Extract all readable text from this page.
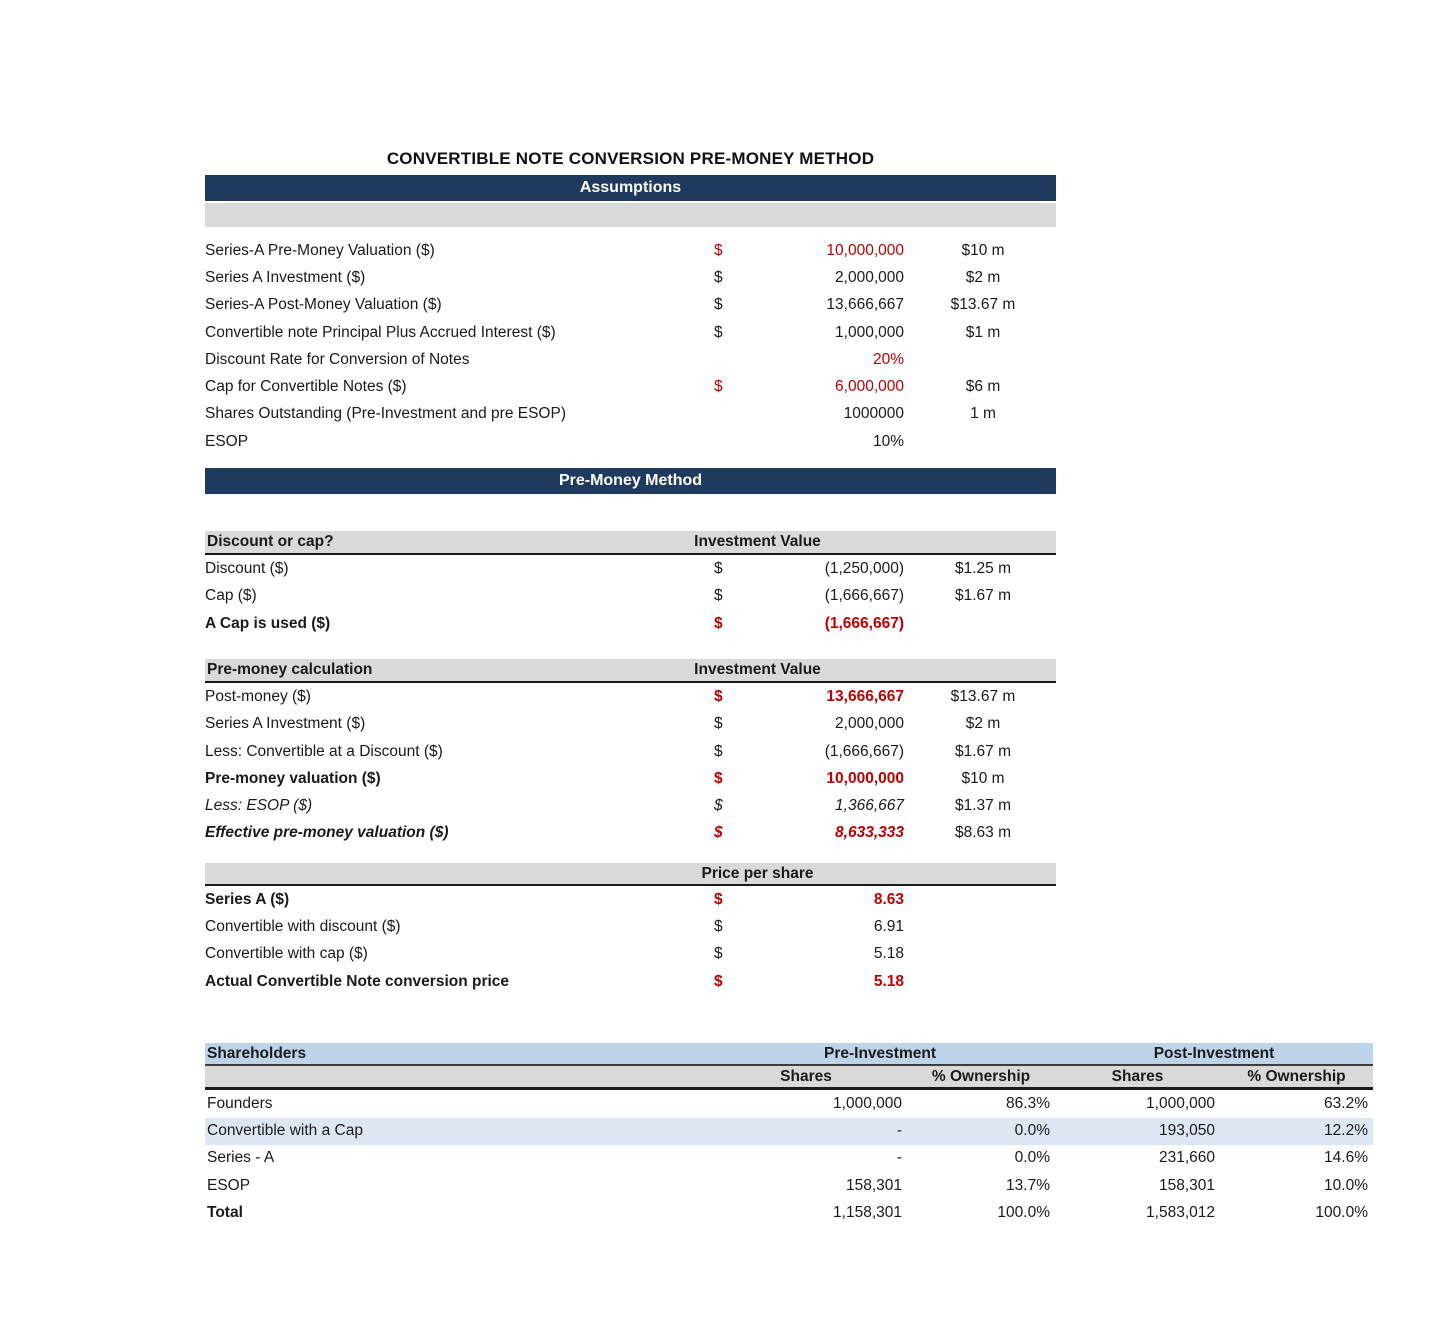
CONVERTIBLE NOTE CONVERSION PRE-MONEY METHOD
Assumptions
Series-A Pre-Money Valuation ($)	$	10,000,000	$10 m
Series A Investment ($)	$	2,000,000	$2 m
Series-A Post-Money Valuation ($)	$	13,666,667	$13.67 m
Convertible note Principal Plus Accrued Interest ($)	$	1,000,000	$1 m
Discount Rate for Conversion of Notes	20%
Cap for Convertible Notes ($)	$	6,000,000	$6 m
Shares Outstanding (Pre-Investment and pre ESOP)	1000000	1 m
ESOP	10%
Pre-Money Method
Discount or cap?	Investment Value
Discount ($)	$	(1,250,000)	$1.25 m
Cap ($)	$	(1,666,667)	$1.67 m
A Cap is used ($)	$	(1,666,667)
Pre-money calculation	Investment Value
Post-money ($)	$	13,666,667	$13.67 m
Series A Investment ($)	$	2,000,000	$2 m
Less: Convertible at a Discount ($)	$	(1,666,667)	$1.67 m
Pre-money valuation ($)	$	10,000,000	$10 m
Less: ESOP ($)	$	1,366,667	$1.37 m
Effective pre-money valuation ($)	$	8,633,333	$8.63 m
Price per share
Series A ($)	$	8.63
Convertible with discount ($)	$	6.91
Convertible with cap ($)	$	5.18
Actual Convertible Note conversion price	$	5.18
Shareholders	Pre-Investment	Post-Investment
Shares	% Ownership	Shares	% Ownership
Founders	1,000,000	86.3%	1,000,000	63.2%
Convertible with a Cap	-	0.0%	193,050	12.2%
Series - A	-	0.0%	231,660	14.6%
ESOP	158,301	13.7%	158,301	10.0%
Total	1,158,301	100.0%	1,583,012	100.0%
